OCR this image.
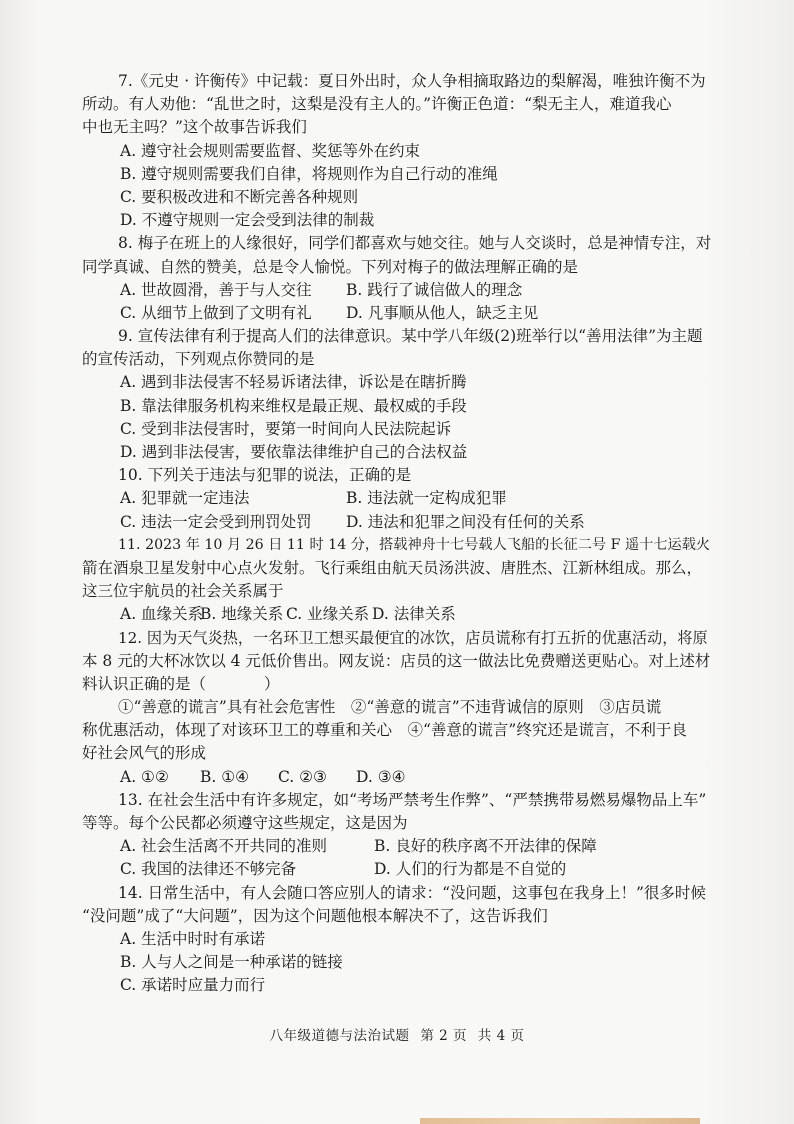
7.《元史 · 许衡传》中记载：夏日外出时，众人争相摘取路边的梨解渴，唯独许衡不为
所动。有人劝他：“乱世之时，这梨是没有主人的。”许衡正色道：“梨无主人，难道我心
中也无主吗？”这个故事告诉我们
A. 遵守社会规则需要监督、奖惩等外在约束
B. 遵守规则需要我们自律，将规则作为自己行动的准绳
C. 要积极改进和不断完善各种规则
D. 不遵守规则一定会受到法律的制裁
8. 梅子在班上的人缘很好，同学们都喜欢与她交往。她与人交谈时，总是神情专注，对
同学真诚、自然的赞美，总是令人愉悦。下列对梅子的做法理解正确的是
A. 世故圆滑，善于与人交往	B. 践行了诚信做人的理念
C. 从细节上做到了文明有礼	D. 凡事顺从他人，缺乏主见
9. 宣传法律有利于提高人们的法律意识。某中学八年级(2)班举行以“善用法律”为主题
的宣传活动，下列观点你赞同的是
A. 遇到非法侵害不轻易诉诸法律，诉讼是在瞎折腾
B. 靠法律服务机构来维权是最正规、最权威的手段
C. 受到非法侵害时，要第一时间向人民法院起诉
D. 遇到非法侵害，要依靠法律维护自己的合法权益
10. 下列关于违法与犯罪的说法，正确的是
A. 犯罪就一定违法	B. 违法就一定构成犯罪
C. 违法一定会受到刑罚处罚	D. 违法和犯罪之间没有任何的关系
11. 2023 年 10 月 26 日 11 时 14 分，搭载神舟十七号载人飞船的长征二号 F 遥十七运载火
箭在酒泉卫星发射中心点火发射。飞行乘组由航天员汤洪波、唐胜杰、江新林组成。那么，
这三位宇航员的社会关系属于
A. 血缘关系
B. 地缘关系 C. 业缘关系 D. 法律关系
12. 因为天气炎热，一名环卫工想买最便宜的冰饮，店员谎称有打五折的优惠活动，将原
本 8 元的大杯冰饮以 4 元低价售出。网友说：店员的这一做法比免费赠送更贴心。对上述材
料认识正确的是（	）
①“善意的谎言”具有社会危害性　②“善意的谎言”不违背诚信的原则　③店员谎
称优惠活动，体现了对该环卫工的尊重和关心　④“善意的谎言”终究还是谎言，不利于良
好社会风气的形成
A. ①②	B. ①④	C. ②③	D. ③④
13. 在社会生活中有许多规定，如“考场严禁考生作弊”、“严禁携带易燃易爆物品上车”
等等。每个公民都必须遵守这些规定，这是因为
A. 社会生活离不开共同的准则	B. 良好的秩序离不开法律的保障
C. 我国的法律还不够完备	D. 人们的行为都是不自觉的
14. 日常生活中，有人会随口答应别人的请求：“没问题，这事包在我身上！”很多时候
“没问题”成了“大问题”，因为这个问题他根本解决不了，这告诉我们
A. 生活中时时有承诺
B. 人与人之间是一种承诺的链接
C. 承诺时应量力而行
八年级道德与法治试题 第 2 页 共 4 页
